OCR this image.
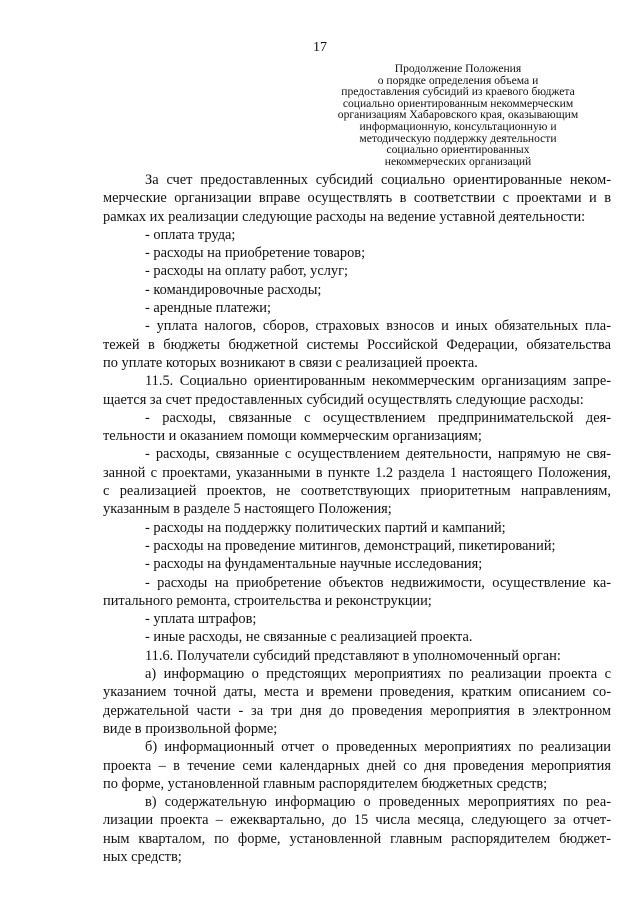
17
Продолжение Положения
о порядке определения объема и
предоставления субсидий из краевого бюджета
социально ориентированным некоммерческим
организациям Хабаровского края, оказывающим
информационную, консультационную и
методическую поддержку деятельности
социально ориентированных
некоммерческих организаций
За счет предоставленных субсидий социально ориентированные неком-
мерческие организации вправе осуществлять в соответствии с проектами и в
рамках их реализации следующие расходы на ведение уставной деятельности:
- оплата труда;
- расходы на приобретение товаров;
- расходы на оплату работ, услуг;
- командировочные расходы;
- арендные платежи;
- уплата налогов, сборов, страховых взносов и иных обязательных пла-
тежей в бюджеты бюджетной системы Российской Федерации, обязательства
по уплате которых возникают в связи с реализацией проекта.
11.5. Социально ориентированным некоммерческим организациям запре-
щается за счет предоставленных субсидий осуществлять следующие расходы:
- расходы, связанные с осуществлением предпринимательской дея-
тельности и оказанием помощи коммерческим организациям;
- расходы, связанные с осуществлением деятельности, напрямую не свя-
занной с проектами, указанными в пункте 1.2 раздела 1 настоящего Положения,
с реализацией проектов, не соответствующих приоритетным направлениям,
указанным в разделе 5 настоящего Положения;
- расходы на поддержку политических партий и кампаний;
- расходы на проведение митингов, демонстраций, пикетирований;
- расходы на фундаментальные научные исследования;
- расходы на приобретение объектов недвижимости, осуществление ка-
питального ремонта, строительства и реконструкции;
- уплата штрафов;
- иные расходы, не связанные с реализацией проекта.
11.6. Получатели субсидий представляют в уполномоченный орган:
а) информацию о предстоящих мероприятиях по реализации проекта с
указанием точной даты, места и времени проведения, кратким описанием со-
держательной части - за три дня до проведения мероприятия в электронном
виде в произвольной форме;
б) информационный отчет о проведенных мероприятиях по реализации
проекта – в течение семи календарных дней со дня проведения мероприятия
по форме, установленной главным распорядителем бюджетных средств;
в) содержательную информацию о проведенных мероприятиях по реа-
лизации проекта – ежеквартально, до 15 числа месяца, следующего за отчет-
ным кварталом, по форме, установленной главным распорядителем бюджет-
ных средств;
